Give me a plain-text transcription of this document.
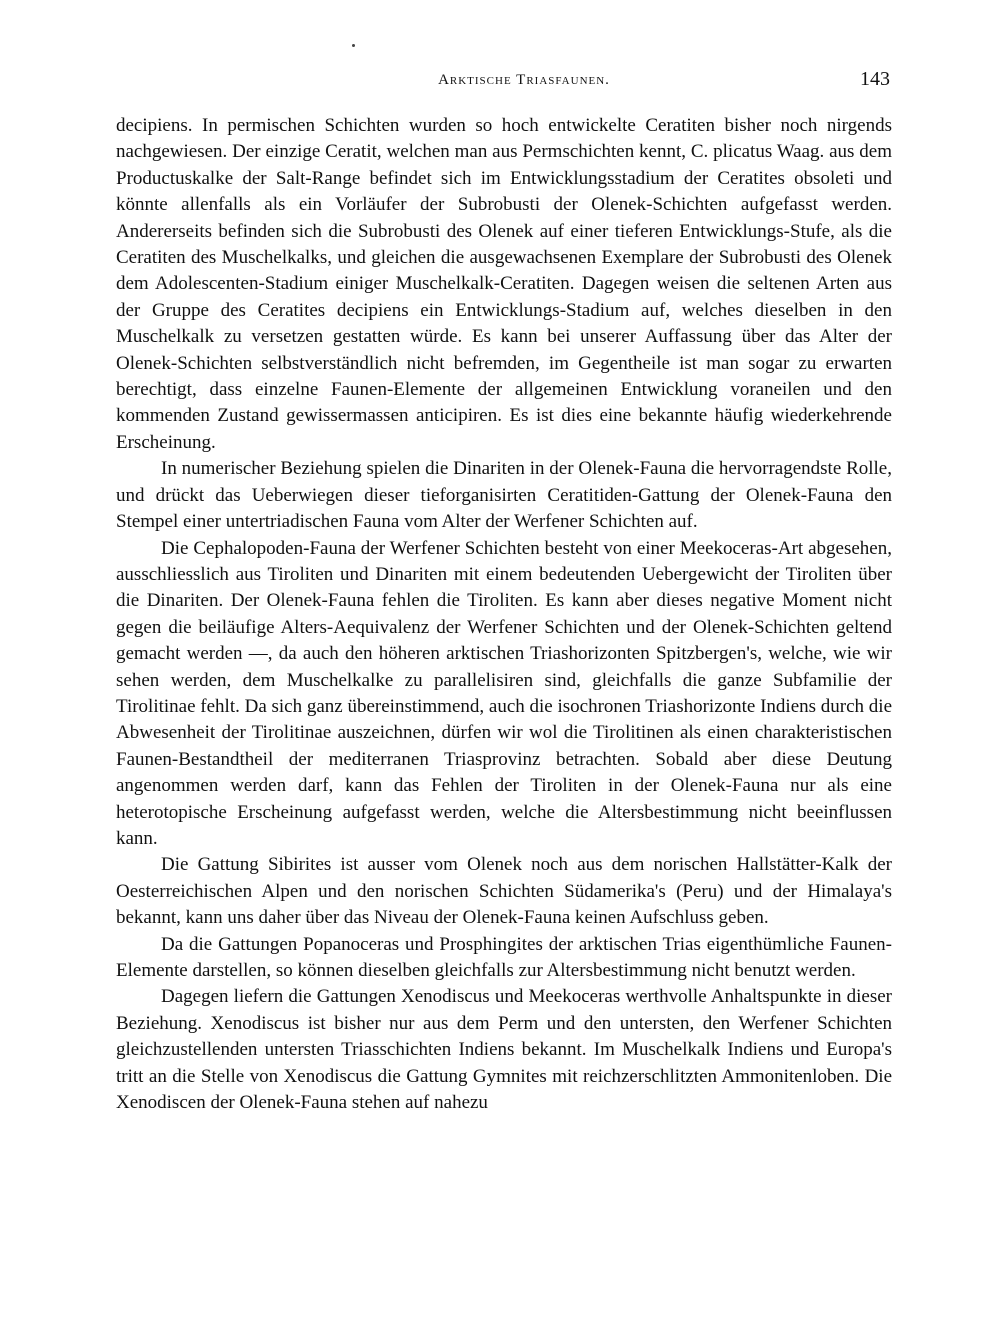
Arktische Triasfaunen.	143

decipiens. In permischen Schichten wurden so hoch entwickelte Ceratiten bisher noch nirgends nachgewiesen. Der einzige Ceratit, welchen man aus Permschichten kennt, C. plicatus Waag. aus dem Productuskalke der Salt-Range befindet sich im Entwicklungsstadium der Ceratites obsoleti und könnte allenfalls als ein Vorläufer der Subrobusti der Olenek-Schichten aufgefasst werden. Andererseits befinden sich die Subrobusti des Olenek auf einer tieferen Entwicklungs-Stufe, als die Ceratiten des Muschelkalks, und gleichen die ausgewachsenen Exemplare der Subrobusti des Olenek dem Adolescenten-Stadium einiger Muschelkalk-Ceratiten. Dagegen weisen die seltenen Arten aus der Gruppe des Ceratites decipiens ein Entwicklungs-Stadium auf, welches dieselben in den Muschelkalk zu versetzen gestatten würde. Es kann bei unserer Auffassung über das Alter der Olenek-Schichten selbstverständlich nicht befremden, im Gegentheile ist man sogar zu erwarten berechtigt, dass einzelne Faunen-Elemente der allgemeinen Entwicklung voraneilen und den kommenden Zustand gewissermassen anticipiren. Es ist dies eine bekannte häufig wiederkehrende Erscheinung.

In numerischer Beziehung spielen die Dinariten in der Olenek-Fauna die hervorragendste Rolle, und drückt das Ueberwiegen dieser tieforganisirten Ceratitiden-Gattung der Olenek-Fauna den Stempel einer untertriadischen Fauna vom Alter der Werfener Schichten auf.

Die Cephalopoden-Fauna der Werfener Schichten besteht von einer Meekoceras-Art abgesehen, ausschliesslich aus Tiroliten und Dinariten mit einem bedeutenden Uebergewicht der Tiroliten über die Dinariten. Der Olenek-Fauna fehlen die Tiroliten. Es kann aber dieses negative Moment nicht gegen die beiläufige Alters-Aequivalenz der Werfener Schichten und der Olenek-Schichten geltend gemacht werden —, da auch den höheren arktischen Triashorizonten Spitzbergen's, welche, wie wir sehen werden, dem Muschelkalke zu parallelisiren sind, gleichfalls die ganze Subfamilie der Tirolitinae fehlt. Da sich ganz übereinstimmend, auch die isochronen Triashorizonte Indiens durch die Abwesenheit der Tirolitinae auszeichnen, dürfen wir wol die Tirolitinen als einen charakteristischen Faunen-Bestandtheil der mediterranen Triasprovinz betrachten. Sobald aber diese Deutung angenommen werden darf, kann das Fehlen der Tiroliten in der Olenek-Fauna nur als eine heterotopische Erscheinung aufgefasst werden, welche die Altersbestimmung nicht beeinflussen kann.

Die Gattung Sibirites ist ausser vom Olenek noch aus dem norischen Hallstätter-Kalk der Oesterreichischen Alpen und den norischen Schichten Südamerika's (Peru) und der Himalaya's bekannt, kann uns daher über das Niveau der Olenek-Fauna keinen Aufschluss geben.

Da die Gattungen Popanoceras und Prosphingites der arktischen Trias eigenthümliche Faunen-Elemente darstellen, so können dieselben gleichfalls zur Altersbestimmung nicht benutzt werden.

Dagegen liefern die Gattungen Xenodiscus und Meekoceras werthvolle Anhaltspunkte in dieser Beziehung. Xenodiscus ist bisher nur aus dem Perm und den untersten, den Werfener Schichten gleichzustellenden untersten Triasschichten Indiens bekannt. Im Muschelkalk Indiens und Europa's tritt an die Stelle von Xenodiscus die Gattung Gymnites mit reichzerschlitzten Ammonitenloben. Die Xenodiscen der Olenek-Fauna stehen auf nahezu
